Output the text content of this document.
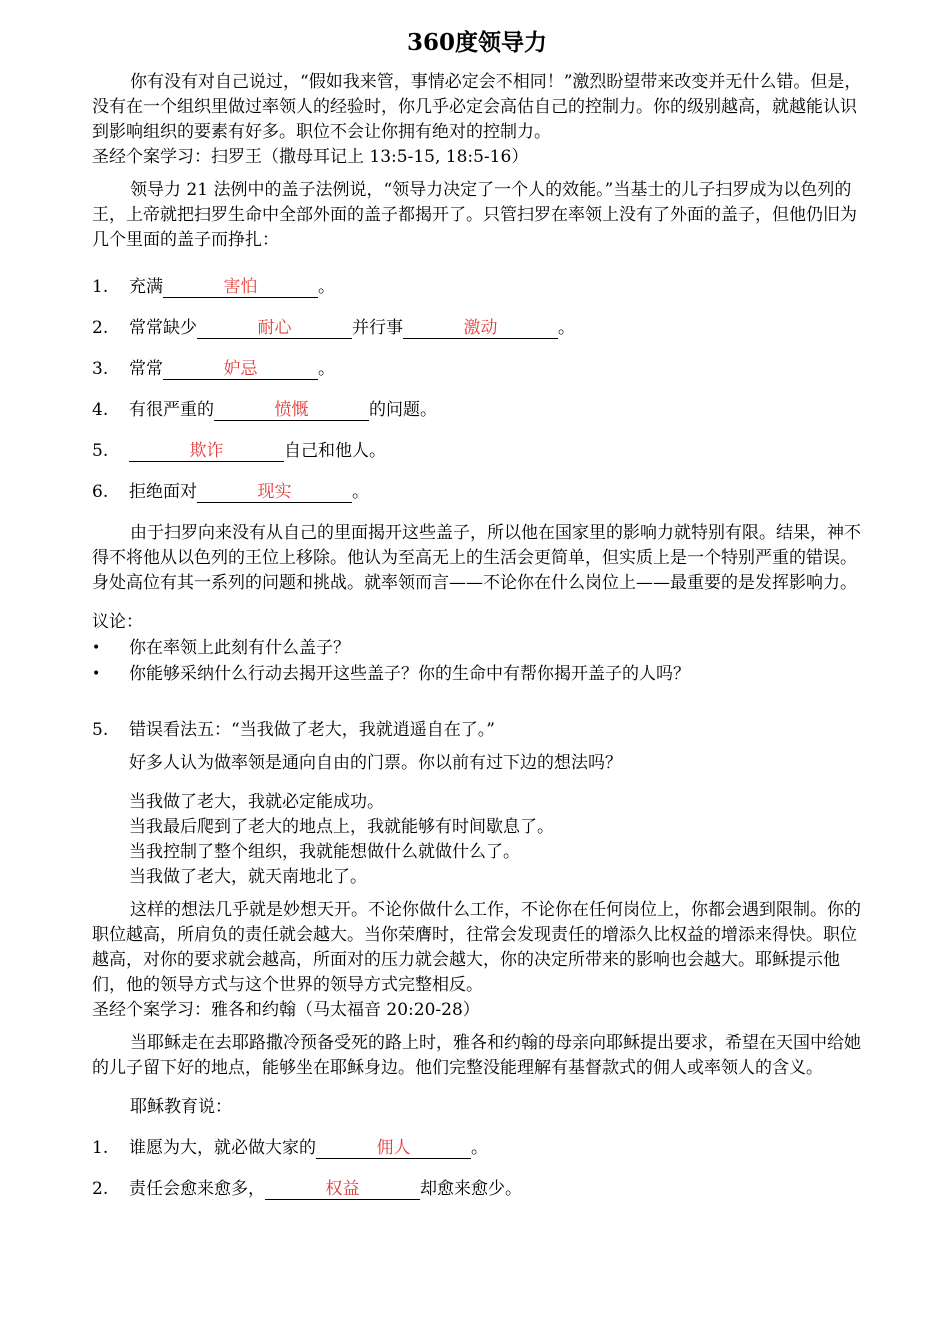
360度领导力

你有没有对自己说过，“假如我来管，事情必定会不相同！”激烈盼望带来改变并无什么错。但是，没有在一个组织里做过率领人的经验时，你几乎必定会高估自己的控制力。你的级别越高，就越能认识到影响组织的要素有好多。职位不会让你拥有绝对的控制力。

圣经个案学习：扫罗王（撒母耳记上 13:5-15, 18:5-16）

领导力 21 法例中的盖子法例说，“领导力决定了一个人的效能。”当基士的儿子扫罗成为以色列的王，上帝就把扫罗生命中全部外面的盖子都揭开了。只管扫罗在率领上没有了外面的盖子，但他仍旧为几个里面的盖子而挣扎：

1.	充满	害怕	。
2.	常常缺少	耐心	并行事	激动	。
3.	常常	妒忌	。
4.	有很严重的	愤慨	的问题。
5.	欺诈	自己和他人。
6.	拒绝面对	现实	。

由于扫罗向来没有从自己的里面揭开这些盖子，所以他在国家里的影响力就特别有限。结果，神不得不将他从以色列的王位上移除。他认为至高无上的生活会更简单，但实质上是一个特别严重的错误。身处高位有其一系列的问题和挑战。就率领而言——不论你在什么岗位上——最重要的是发挥影响力。

议论：

•	你在率领上此刻有什么盖子？
•	你能够采纳什么行动去揭开这些盖子？你的生命中有帮你揭开盖子的人吗？
5.	错误看法五：“当我做了老大，我就逍遥自在了。”

好多人认为做率领是通向自由的门票。你以前有过下边的想法吗？

当我做了老大，我就必定能成功。

当我最后爬到了老大的地点上，我就能够有时间歇息了。

当我控制了整个组织，我就能想做什么就做什么了。

当我做了老大，就天南地北了。

这样的想法几乎就是妙想天开。不论你做什么工作，不论你在任何岗位上，你都会遇到限制。你的职位越高，所肩负的责任就会越大。当你荣膺时，往常会发现责任的增添久比权益的增添来得快。职位越高，对你的要求就会越高，所面对的压力就会越大，你的决定所带来的影响也会越大。耶稣提示他们，他的领导方式与这个世界的领导方式完整相反。

圣经个案学习：雅各和约翰（马太福音 20:20-28）

当耶稣走在去耶路撒冷预备受死的路上时，雅各和约翰的母亲向耶稣提出要求，希望在天国中给她的儿子留下好的地点，能够坐在耶稣身边。他们完整没能理解有基督款式的佣人或率领人的含义。

耶稣教育说：

1.	谁愿为大，就必做大家的	佣人	。
2.	责任会愈来愈多，	权益	却愈来愈少。
